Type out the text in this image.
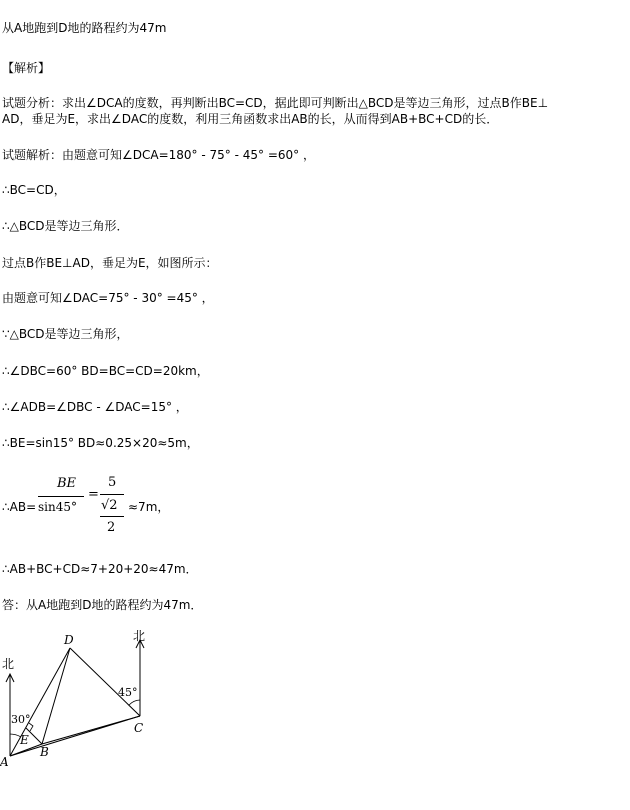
从A地跑到D地的路程约为47m
【解析】
试题分析：求出∠DCA的度数，再判断出BC=CD，据此即可判断出△BCD是等边三角形，过点B作BE⊥
AD，垂足为E，求出∠DAC的度数，利用三角函数求出AB的长，从而得到AB+BC+CD的长．
试题解析：由题意可知∠DCA=180° - 75° - 45° =60° ，
∴BC=CD，
∴△BCD是等边三角形．
过点B作BE⊥AD，垂足为E，如图所示：
由题意可知∠DAC=75° - 30° =45° ，
∵△BCD是等边三角形，
∴∠DBC=60° BD=BC=CD=20km，
∴∠ADB=∠DBC - ∠DAC=15° ，
∴BE=sin15° BD≈0.25×20≈5m，
∴AB=
BE
sin45°
=
5
√2
2
≈7m，
∴AB+BC+CD≈7+20+20≈47m．
答：从A地跑到D地的路程约为47m．
北
北
30°
45°
D
C
B
E
A
